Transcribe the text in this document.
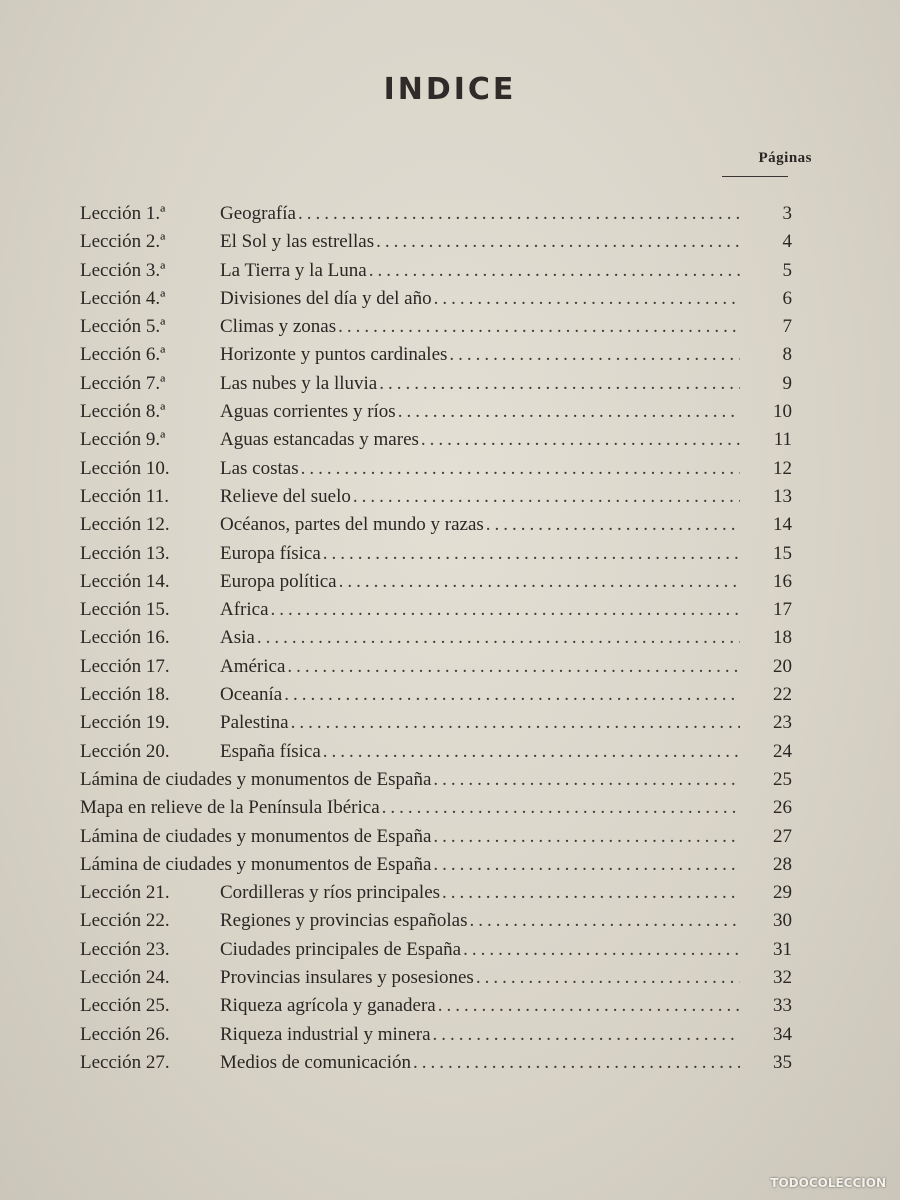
INDICE
Páginas
Lección 1.ª	Geografía .....	3
Lección 2.ª	El Sol y las estrellas .....	4
Lección 3.ª	La Tierra y la Luna .....	5
Lección 4.ª	Divisiones del día y del año .....	6
Lección 5.ª	Climas y zonas .....	7
Lección 6.ª	Horizonte y puntos cardinales .....	8
Lección 7.ª	Las nubes y la lluvia .....	9
Lección 8.ª	Aguas corrientes y ríos .....	10
Lección 9.ª	Aguas estancadas y mares .....	11
Lección 10.	Las costas .....	12
Lección 11.	Relieve del suelo .....	13
Lección 12.	Océanos, partes del mundo y razas .....	14
Lección 13.	Europa física .....	15
Lección 14.	Europa política .....	16
Lección 15.	Africa .....	17
Lección 16.	Asia .....	18
Lección 17.	América .....	20
Lección 18.	Oceanía .....	22
Lección 19.	Palestina .....	23
Lección 20.	España física .....	24
Lámina de ciudades y monumentos de España .....	25
Mapa en relieve de la Península Ibérica .....	26
Lámina de ciudades y monumentos de España .....	27
Lámina de ciudades y monumentos de España .....	28
Lección 21.	Cordilleras y ríos principales .....	29
Lección 22.	Regiones y provincias españolas .....	30
Lección 23.	Ciudades principales de España .....	31
Lección 24.	Provincias insulares y posesiones .....	32
Lección 25.	Riqueza agrícola y ganadera .....	33
Lección 26.	Riqueza industrial y minera .....	34
Lección 27.	Medios de comunicación .....	35
TODOCOLECCION
